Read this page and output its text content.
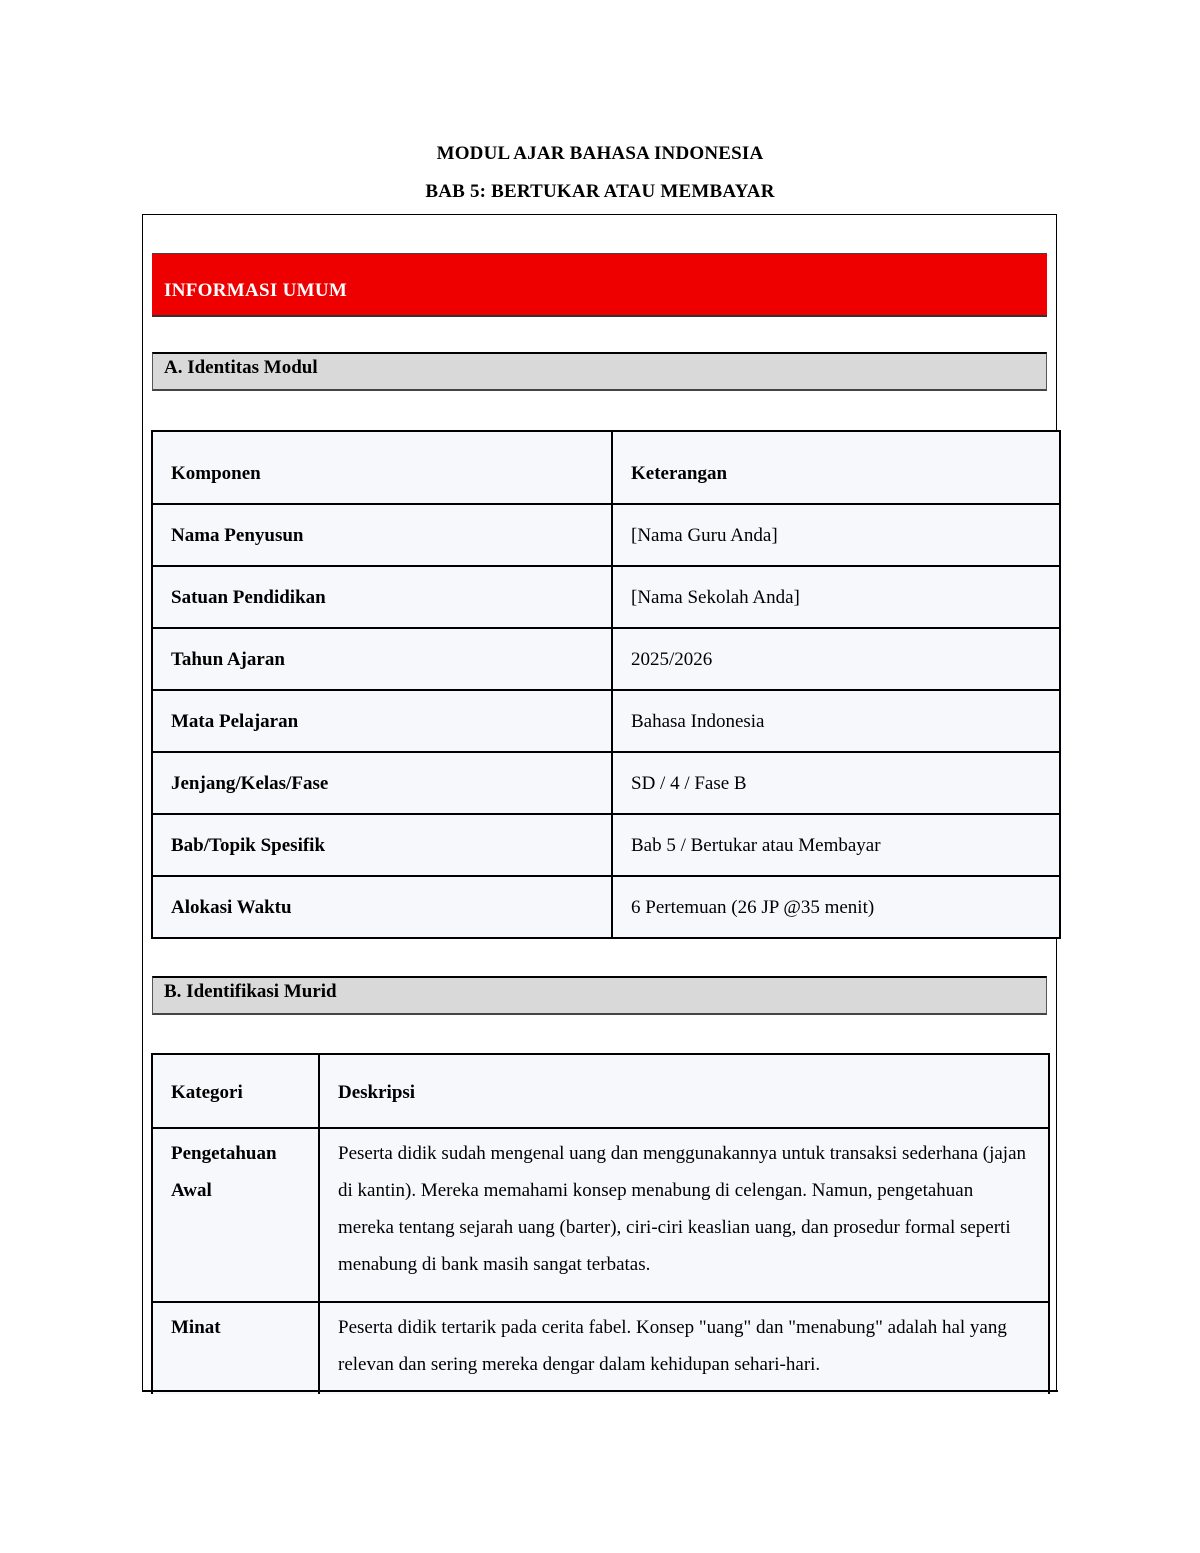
MODUL AJAR BAHASA INDONESIA
BAB 5: BERTUKAR ATAU MEMBAYAR
INFORMASI UMUM
A. Identitas Modul
Komponen	Keterangan
Nama Penyusun	[Nama Guru Anda]
Satuan Pendidikan	[Nama Sekolah Anda]
Tahun Ajaran	2025/2026
Mata Pelajaran	Bahasa Indonesia
Jenjang/Kelas/Fase	SD / 4 / Fase B
Bab/Topik Spesifik	Bab 5 / Bertukar atau Membayar
Alokasi Waktu	6 Pertemuan (26 JP @35 menit)
B. Identifikasi Murid
Kategori	Deskripsi
Pengetahuan Awal	Peserta didik sudah mengenal uang dan menggunakannya untuk transaksi sederhana (jajan di kantin). Mereka memahami konsep menabung di celengan. Namun, pengetahuan mereka tentang sejarah uang (barter), ciri-ciri keaslian uang, dan prosedur formal seperti menabung di bank masih sangat terbatas.
Minat	Peserta didik tertarik pada cerita fabel. Konsep "uang" dan "menabung" adalah hal yang relevan dan sering mereka dengar dalam kehidupan sehari-hari.
